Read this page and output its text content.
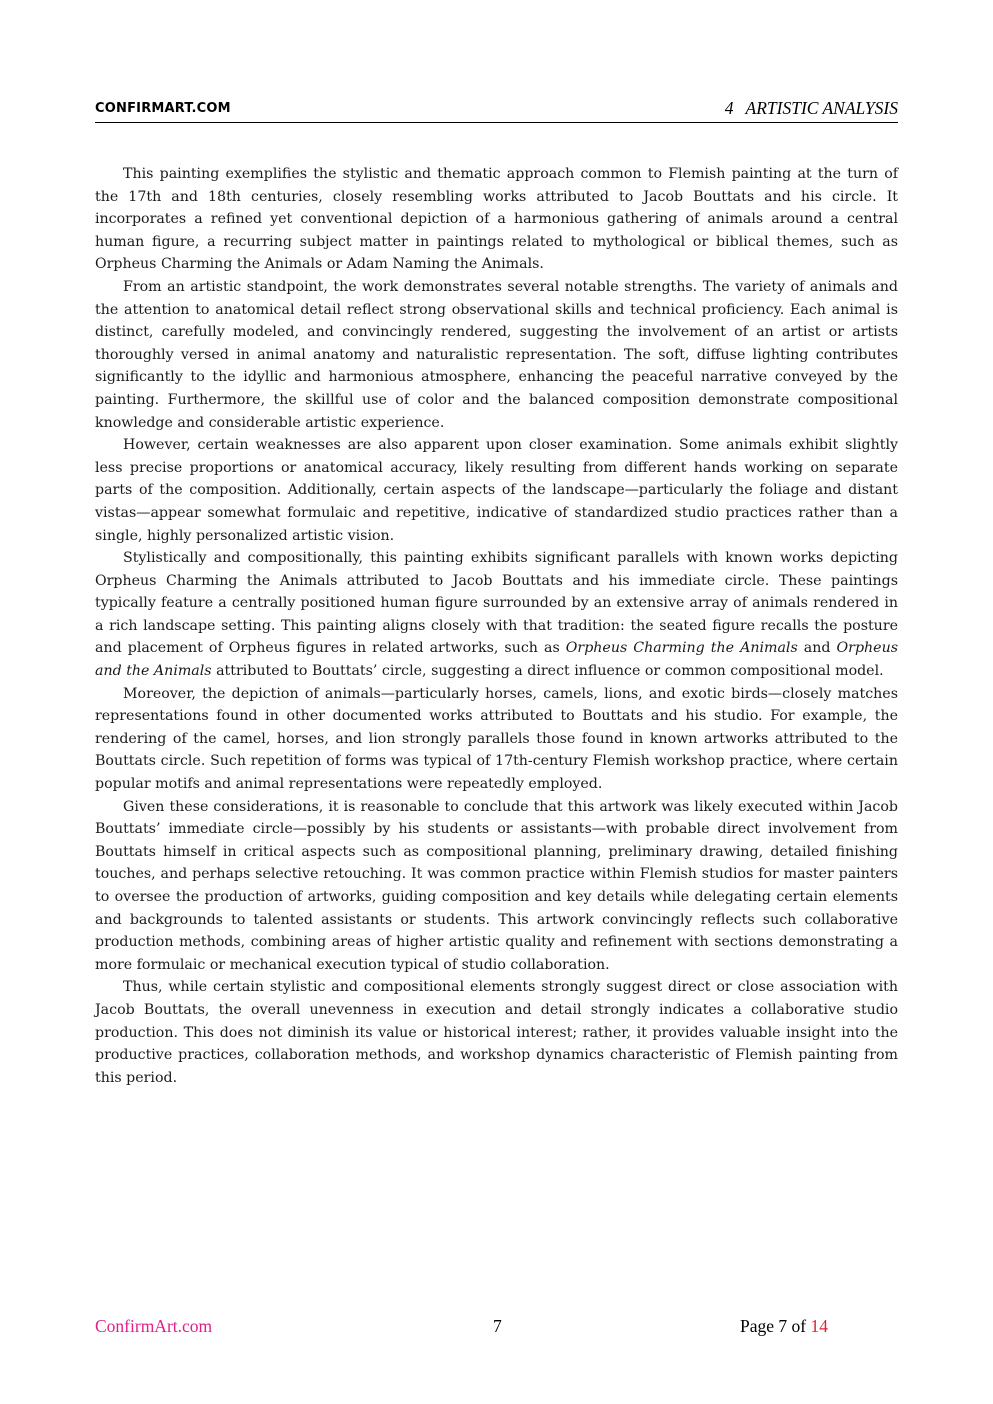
CONFIRMART.COM	4 ARTISTIC ANALYSIS

This painting exemplifies the stylistic and thematic approach common to Flemish painting at the turn of the 17th and 18th centuries, closely resembling works attributed to Jacob Bouttats and his circle. It incorporates a refined yet conventional depiction of a harmonious gathering of animals around a central human figure, a recurring subject matter in paintings related to mythological or biblical themes, such as Orpheus Charming the Animals or Adam Naming the Animals.

From an artistic standpoint, the work demonstrates several notable strengths. The variety of animals and the attention to anatomical detail reflect strong observational skills and technical proficiency. Each animal is distinct, carefully modeled, and convincingly rendered, suggesting the involvement of an artist or artists thoroughly versed in animal anatomy and naturalistic representation. The soft, diffuse lighting contributes significantly to the idyllic and harmonious atmosphere, enhancing the peaceful narrative conveyed by the painting. Furthermore, the skillful use of color and the balanced composition demonstrate compositional knowledge and considerable artistic experience.

However, certain weaknesses are also apparent upon closer examination. Some animals exhibit slightly less precise proportions or anatomical accuracy, likely resulting from different hands working on separate parts of the composition. Additionally, certain aspects of the landscape—particularly the foliage and distant vistas—appear somewhat formulaic and repetitive, indicative of standardized studio practices rather than a single, highly personalized artistic vision.

Stylistically and compositionally, this painting exhibits significant parallels with known works depicting Orpheus Charming the Animals attributed to Jacob Bouttats and his immediate circle. These paintings typically feature a centrally positioned human figure surrounded by an extensive array of animals rendered in a rich landscape setting. This painting aligns closely with that tradition: the seated figure recalls the posture and placement of Orpheus figures in related artworks, such as Orpheus Charming the Animals and Orpheus and the Animals attributed to Bouttats’ circle, suggesting a direct influence or common compositional model.

Moreover, the depiction of animals—particularly horses, camels, lions, and exotic birds—closely matches representations found in other documented works attributed to Bouttats and his studio. For example, the rendering of the camel, horses, and lion strongly parallels those found in known artworks attributed to the Bouttats circle. Such repetition of forms was typical of 17th-century Flemish workshop practice, where certain popular motifs and animal representations were repeatedly employed.

Given these considerations, it is reasonable to conclude that this artwork was likely executed within Jacob Bouttats’ immediate circle—possibly by his students or assistants—with probable direct involvement from Bouttats himself in critical aspects such as compositional planning, preliminary drawing, detailed finishing touches, and perhaps selective retouching. It was common practice within Flemish studios for master painters to oversee the production of artworks, guiding composition and key details while delegating certain elements and backgrounds to talented assistants or students. This artwork convincingly reflects such collaborative production methods, combining areas of higher artistic quality and refinement with sections demonstrating a more formulaic or mechanical execution typical of studio collaboration.

Thus, while certain stylistic and compositional elements strongly suggest direct or close association with Jacob Bouttats, the overall unevenness in execution and detail strongly indicates a collaborative studio production. This does not diminish its value or historical interest; rather, it provides valuable insight into the productive practices, collaboration methods, and workshop dynamics characteristic of Flemish painting from this period.

ConfirmArt.com	7	Page 7 of 14
